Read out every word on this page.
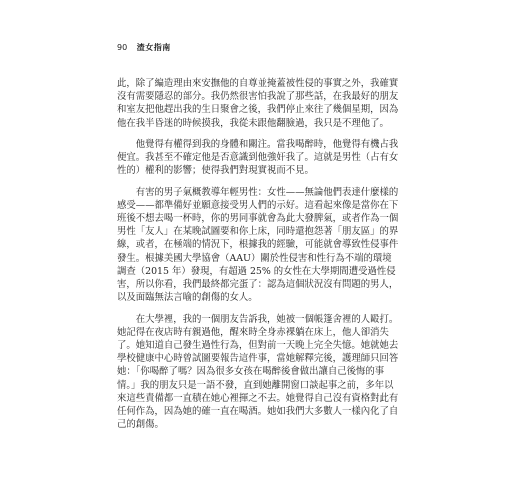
90 渣女指南
此，除了編造理由來安撫他的自尊並掩蓋被性侵的事實之外，我確實
沒有需要隱忍的部分。我仍然很害怕我說了那些話，在我最好的朋友
和室友把他趕出我的生日聚會之後，我們停止來往了幾個星期，因為
他在我半昏迷的時候摸我，我從未跟他翻臉過，我只是不理他了。
　　他覺得有權得到我的身體和關注。當我喝醉時，他覺得有機占我
便宜。我甚至不確定他是否意識到他強奸我了。這就是男性（占有女
性的）權利的影響；使得我們對現實視而不見。
　　有害的男子氣概教導年輕男性：女性——無論他們表達什麼樣的
感受——都準備好並願意接受男人們的示好。這看起來像是當你在下
班後不想去喝一杯時，你的男同事就會為此大發脾氣，或者作為一個
男性「友人」在某晚試圖要和你上床，同時還抱怨著「朋友區」的界
線，或者，在極端的情況下，根據我的經驗，可能就會導致性侵事件
發生。根據美國大學協會（AAU）關於性侵害和性行為不端的環境
調查（2015 年）發現，有超過 25% 的女性在大學期間遭受過性侵
害，所以你看，我們最終都完蛋了：認為這個狀況沒有問題的男人，
以及面臨無法言喻的創傷的女人。
　　在大學裡，我的一個朋友告訴我，她被一個帳篷舍裡的人毆打。
她記得在夜店時有親過他，醒來時全身赤裸躺在床上，他人卻消失
了。她知道自己發生過性行為，但對前一天晚上完全失憶。她就她去
學校健康中心時曾試圖要報告這件事，當她解釋完後，護理師只回答
她：「你喝醉了嗎？因為很多女孩在喝醉後會做出讓自己後悔的事
情。」我的朋友只是一語不發，直到她離開窗口談起事之前，多年以
來這些責備都一直積在她心裡揮之不去。她覺得自己沒有資格對此有
任何作為，因為她的確一直在喝酒。她如我們大多數人一樣內化了自
己的創傷。
